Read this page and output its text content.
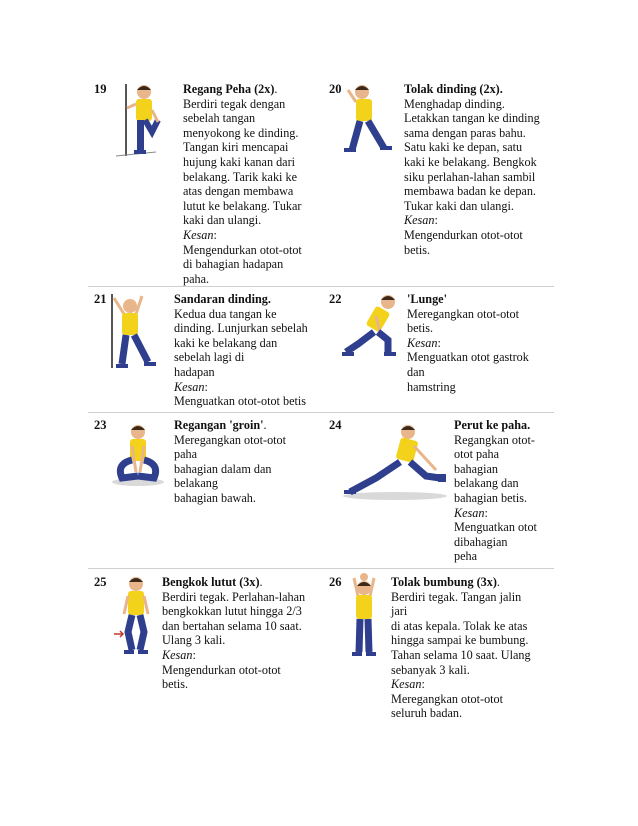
19	Regang Peha (2x).
Berdiri tegak dengan
sebelah tangan
menyokong ke dinding.
Tangan kiri mencapai
hujung kaki kanan dari
belakang. Tarik kaki ke
atas dengan membawa
lutut ke belakang. Tukar
kaki dan ulangi.
Kesan:
Mengendurkan otot-otot
di bahagian hadapan
paha.
20	Tolak dinding (2x).
Menghadap dinding.
Letakkan tangan ke dinding
sama dengan paras bahu.
Satu kaki ke depan, satu
kaki ke belakang. Bengkok
siku perlahan-lahan sambil
membawa badan ke depan.
Tukar kaki dan ulangi.
Kesan:
Mengendurkan otot-otot
betis.
21	Sandaran dinding.
Kedua dua tangan ke
dinding. Lunjurkan sebelah
kaki ke belakang dan
sebelah lagi di
hadapan
Kesan:
Menguatkan otot-otot betis
22	'Lunge'
Meregangkan otot-otot
betis.
Kesan:
Menguatkan otot gastrok
dan
hamstring
23	Regangan 'groin'.
Meregangkan otot-otot
paha
bahagian dalam dan
belakang
bahagian bawah.
24	Perut ke paha.
Regangkan otot-
otot paha
bahagian
belakang dan
bahagian betis.
Kesan:
Menguatkan otot
dibahagian
peha
25	Bengkok lutut (3x).
Berdiri tegak. Perlahan-lahan
bengkokkan lutut hingga 2/3
dan bertahan selama 10 saat.
Ulang 3 kali.
Kesan:
Mengendurkan otot-otot
betis.
26	Tolak bumbung (3x).
Berdiri tegak. Tangan jalin
jari
di atas kepala. Tolak ke atas
hingga sampai ke bumbung.
Tahan selama 10 saat. Ulang
sebanyak 3 kali.
Kesan:
Meregangkan otot-otot
seluruh badan.
